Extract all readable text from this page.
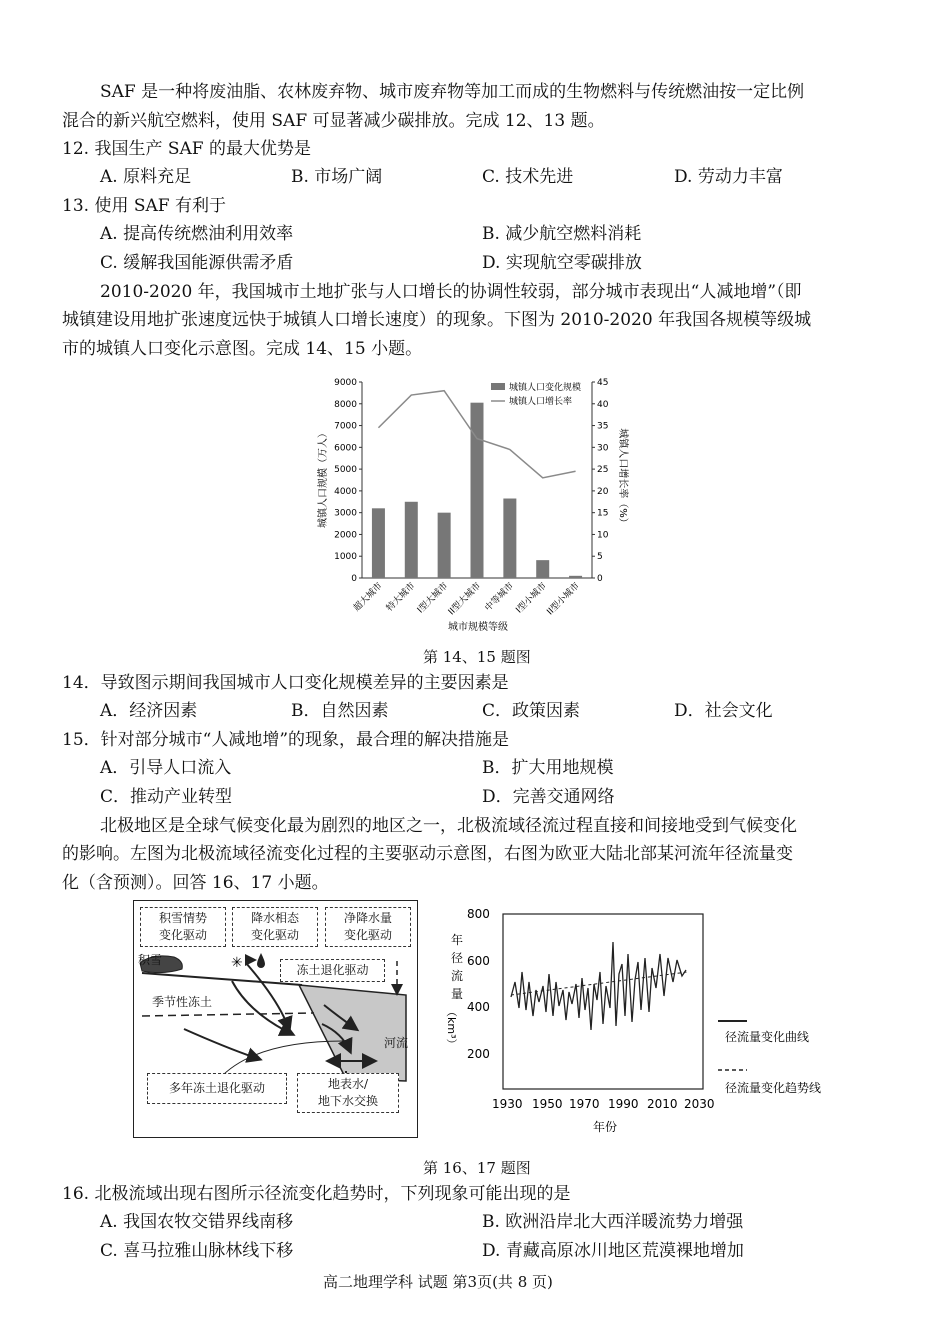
SAF 是一种将废油脂、农林废弃物、城市废弃物等加工而成的生物燃料与传统燃油按一定比例
混合的新兴航空燃料，使用 SAF 可显著减少碳排放。完成 12、13 题。
12. 我国生产 SAF 的最大优势是
A. 原料充足	B. 市场广阔	C. 技术先进	D. 劳动力丰富
13. 使用 SAF 有利于
A. 提高传统燃油利用效率	B. 减少航空燃料消耗
C. 缓解我国能源供需矛盾	D. 实现航空零碳排放
2010-2020 年，我国城市土地扩张与人口增长的协调性较弱，部分城市表现出“人减地增”（即
城镇建设用地扩张速度远快于城镇人口增长速度）的现象。下图为 2010-2020 年我国各规模等级城
市的城镇人口变化示意图。完成 14、15 小题。
0
1000
2000
3000
4000
5000
6000
7000
8000
9000
0
5
10
15
20
25
30
35
40
45
超大城市 特大城市
I型大城市
II型大城市 中等城市
I型小城市
II型小城市
城镇人口规模（万人）	城镇人口增长率（%）
城市规模等级
城镇人口变化规模
城镇人口增长率
第 14、15 题图
14．导致图示期间我国城市人口变化规模差异的主要因素是
A．经济因素	B．自然因素	C．政策因素	D．社会文化
15．针对部分城市“人减地增”的现象，最合理的解决措施是
A．引导人口流入	B．扩大用地规模
C．推动产业转型	D．完善交通网络
北极地区是全球气候变化最为剧烈的地区之一，北极流域径流过程直接和间接地受到气候变化
的影响。左图为北极流域径流变化过程的主要驱动示意图，右图为欧亚大陆北部某河流年径流量变
化（含预测）。回答 16、17 小题。
✳
积雪情势
变化驱动
降水相态
变化驱动
净降水量
变化驱动
冻土退化驱动
多年冻土退化驱动	地表水/
地下水交换
积雪
季节性冻土
河流
年
径
流
量
（km³）
800
600
400
200
1930 1950 1970 1990 2010 2030
年份
径流量变化曲线
径流量变化趋势线
第 16、17 题图
16. 北极流域出现右图所示径流变化趋势时，下列现象可能出现的是
A. 我国农牧交错界线南移	B. 欧洲沿岸北大西洋暖流势力增强
C. 喜马拉雅山脉林线下移	D. 青藏高原冰川地区荒漠裸地增加
高二地理学科 试题 第3页(共 8 页)
